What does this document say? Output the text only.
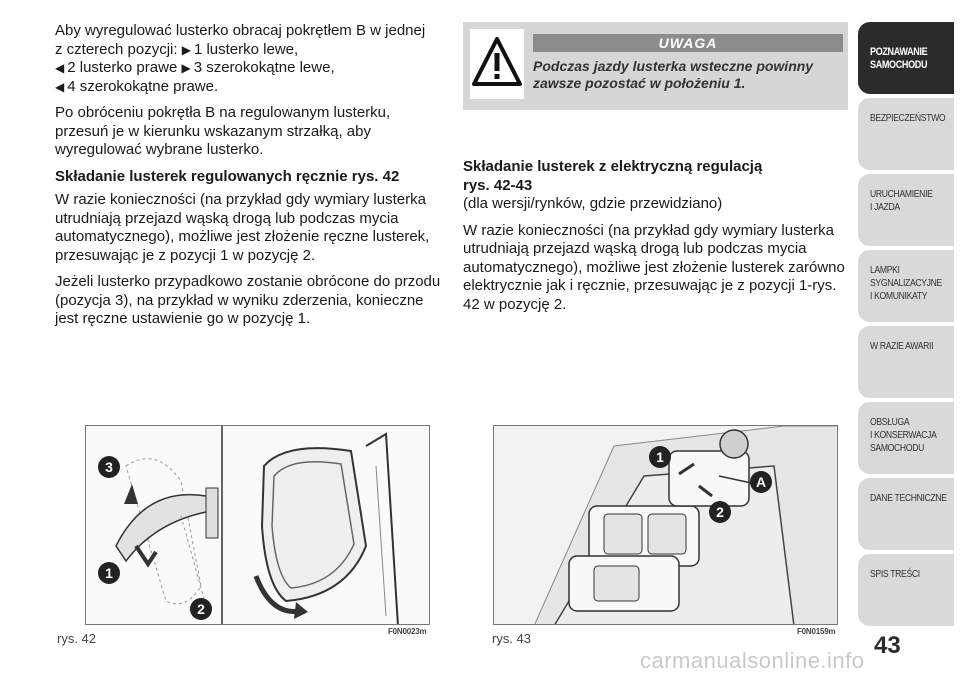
Aby wyregulować lusterko obracaj pokrętłem B w jednej
z czterech pozycji: ▶ 1 lusterko lewe,
◀ 2 lusterko prawe ▶ 3 szerokokątne lewe,
◀ 4 szerokokątne prawe.

Po obróceniu pokrętła B na regulowanym lusterku, przesuń je w kierunku wskazanym strzałką, aby wyregulować wybrane lusterko.

Składanie lusterek regulowanych ręcznie rys. 42

W razie konieczności (na przykład gdy wymiary lusterka utrudniają przejazd wąską drogą lub podczas mycia automatycznego), możliwe jest złożenie ręczne lusterek, przesuwając je z pozycji 1 w pozycję 2.

Jeżeli lusterko przypadkowo zostanie obrócone do przodu (pozycja 3), na przykład w wyniku zderzenia, konieczne jest ręczne ustawienie go w pozycję 1.

UWAGA
Podczas jazdy lusterka wsteczne powinny zawsze pozostać w położeniu 1.
Składanie lusterek z elektryczną regulacją
rys. 42-43

(dla wersji/rynków, gdzie przewidziano)

W razie konieczności (na przykład gdy wymiary lusterka utrudniają przejazd wąską drogą lub podczas mycia automatycznego), możliwe jest złożenie lusterek zarówno elektrycznie jak i ręcznie, przesuwając je z pozycji 1-rys. 42 w pozycję 2.

3
1
2
rys. 42	F0N0023m
1
A
2
rys. 43	F0N0159m
POZNAWANIE
SAMOCHODU
BEZPIECZEŃSTWO
URUCHAMIENIE
I JAZDA
LAMPKI
SYGNALIZACYJNE
I KOMUNIKATY
W RAZIE AWARII
OBSŁUGA
I KONSERWACJA
SAMOCHODU
DANE TECHNICZNE
SPIS TREŚCI
43
carmanualsonline.info
